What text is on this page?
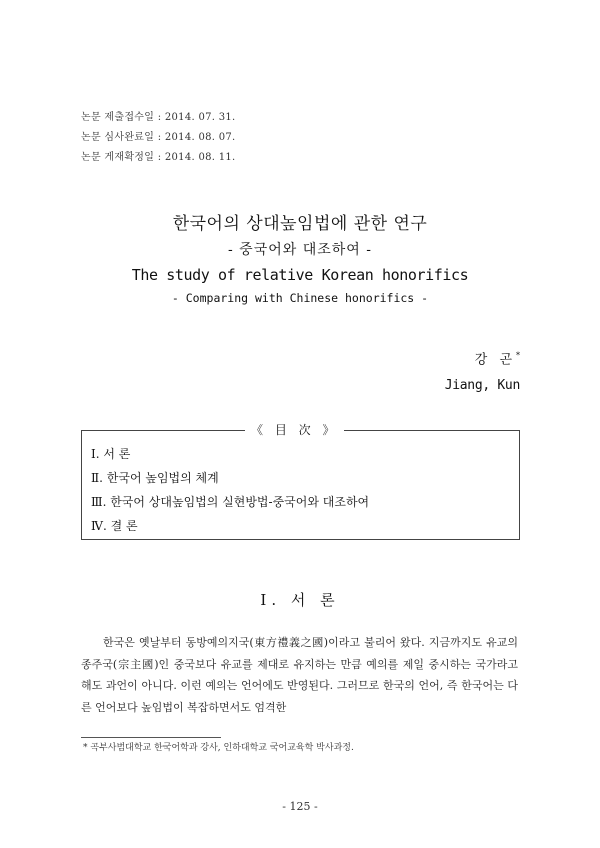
논문 제출접수일 : 2014. 07. 31.
논문 심사완료일 : 2014. 08. 07.
논문 게재확정일 : 2014. 08. 11.
한국어의 상대높임법에 관한 연구
- 중국어와 대조하여 -
The study of relative Korean honorifics
- Comparing with Chinese honorifics -
강 곤*
Jiang, Kun
《 目 次 》
Ⅰ. 서 론
Ⅱ. 한국어 높임법의 체계
Ⅲ. 한국어 상대높임법의 실현방법-중국어와 대조하여
Ⅳ. 결 론
Ⅰ. 서 론

한국은 옛날부터 동방예의지국(東方禮義之國)이라고 불리어 왔다. 지금까지도 유교의 종주국(宗主國)인 중국보다 유교를 제대로 유지하는 만큼 예의를 제일 중시하는 국가라고 해도 과언이 아니다. 이런 예의는 언어에도 반영된다. 그러므로 한국의 언어, 즉 한국어는 다른 언어보다 높임법이 복잡하면서도 엄격한

* 곡부사범대학교 한국어학과 강사, 인하대학교 국어교육학 박사과정.
- 125 -
